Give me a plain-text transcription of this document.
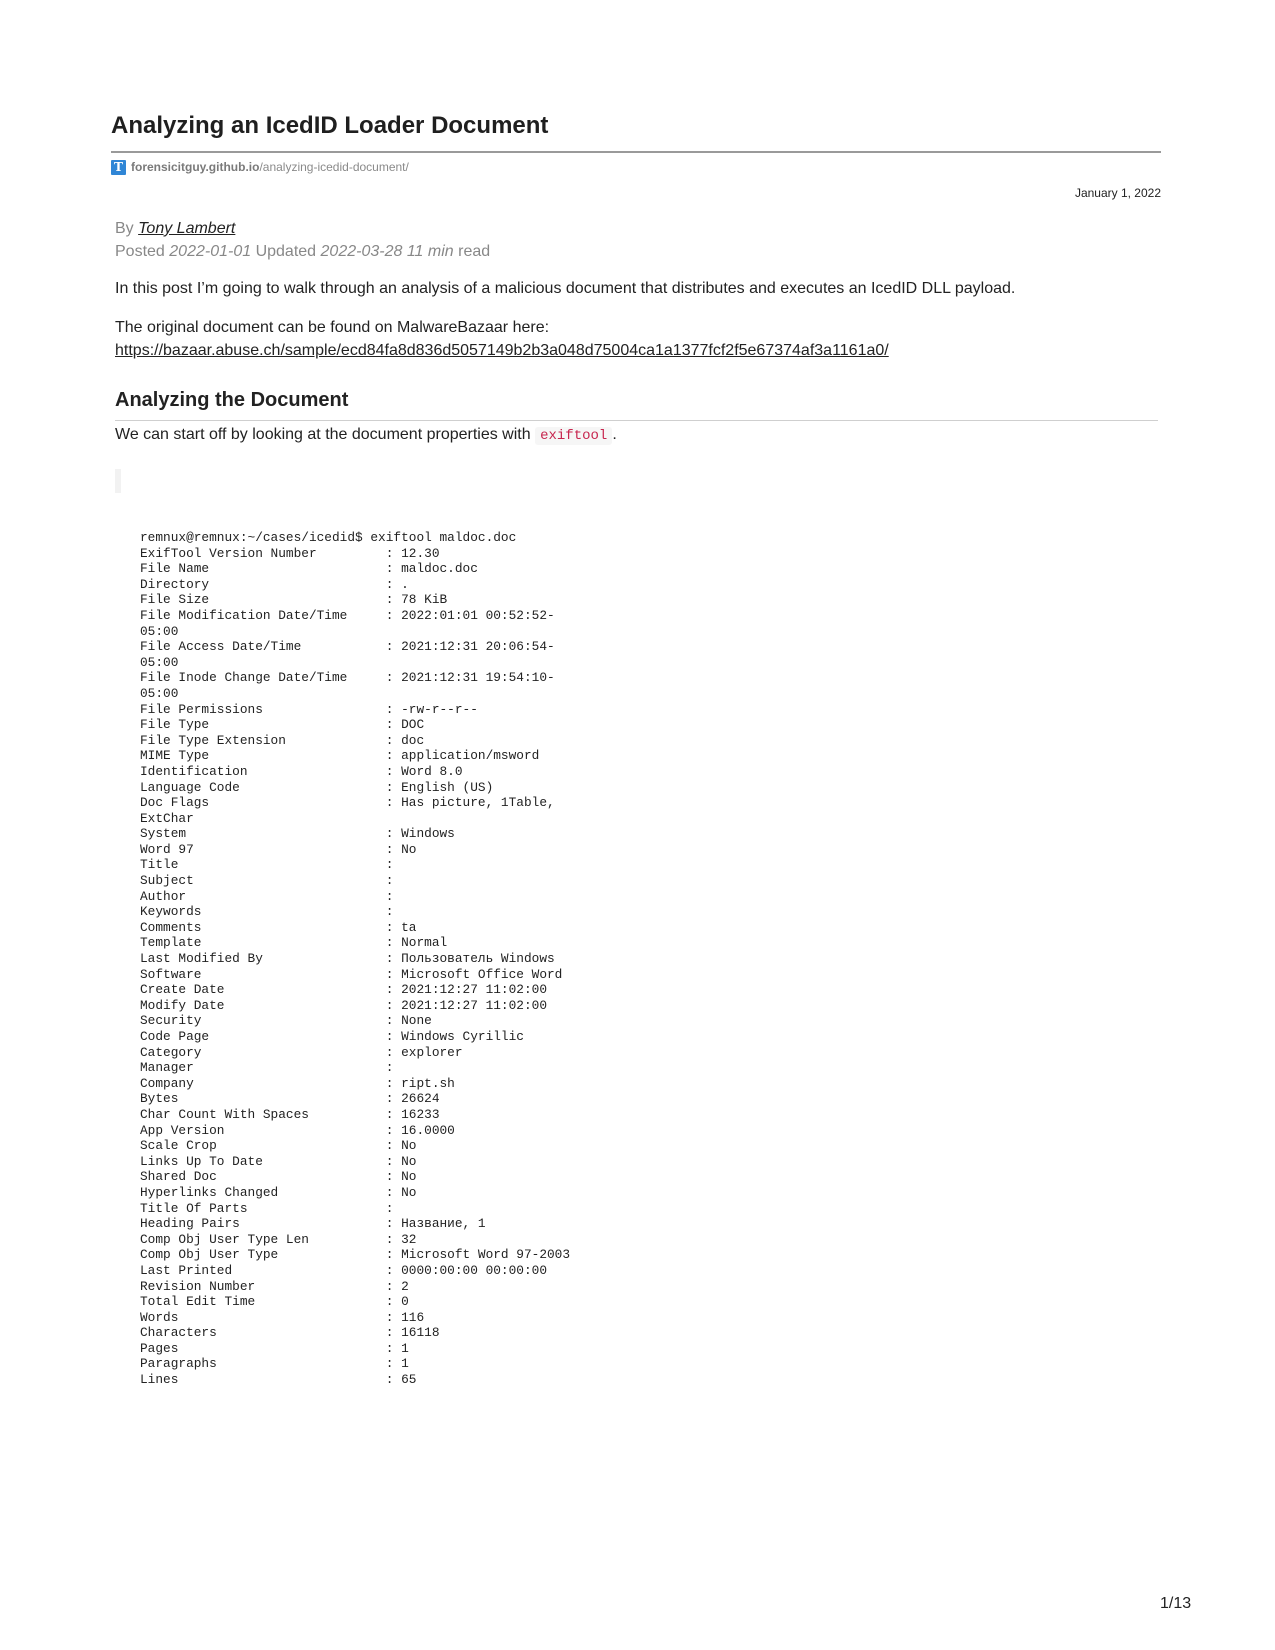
Analyzing an IcedID Loader Document
T forensicitguy.github.io /analyzing-icedid-document/
January 1, 2022
By Tony Lambert
Posted 2022-01-01 Updated 2022-03-28 11 min read

In this post I’m going to walk through an analysis of a malicious document that distributes and executes an IcedID DLL payload.

The original document can be found on MalwareBazaar here:
https://bazaar.abuse.ch/sample/ecd84fa8d836d5057149b2b3a048d75004ca1a1377fcf2f5e67374af3a1161a0/

Analyzing the Document

We can start off by looking at the document properties with exiftool .

remnux@remnux:~/cases/icedid$ exiftool maldoc.doc
ExifTool Version Number         : 12.30
File Name                       : maldoc.doc
Directory                       : .
File Size                       : 78 KiB
File Modification Date/Time     : 2022:01:01 00:52:52-
05:00
File Access Date/Time           : 2021:12:31 20:06:54-
05:00
File Inode Change Date/Time     : 2021:12:31 19:54:10-
05:00
File Permissions                : -rw-r--r--
File Type                       : DOC
File Type Extension             : doc
MIME Type                       : application/msword
Identification                  : Word 8.0
Language Code                   : English (US)
Doc Flags                       : Has picture, 1Table,
ExtChar
System                          : Windows
Word 97                         : No
Title                           :
Subject                         :
Author                          :
Keywords                        :
Comments                        : ta
Template                        : Normal
Last Modified By                : Пользователь Windows
Software                        : Microsoft Office Word
Create Date                     : 2021:12:27 11:02:00
Modify Date                     : 2021:12:27 11:02:00
Security                        : None
Code Page                       : Windows Cyrillic
Category                        : explorer
Manager                         :
Company                         : ript.sh
Bytes                           : 26624
Char Count With Spaces          : 16233
App Version                     : 16.0000
Scale Crop                      : No
Links Up To Date                : No
Shared Doc                      : No
Hyperlinks Changed              : No
Title Of Parts                  :
Heading Pairs                   : Название, 1
Comp Obj User Type Len          : 32
Comp Obj User Type              : Microsoft Word 97-2003
Last Printed                    : 0000:00:00 00:00:00
Revision Number                 : 2
Total Edit Time                 : 0
Words                           : 116
Characters                      : 16118
Pages                           : 1
Paragraphs                      : 1
Lines                           : 65
1/13
